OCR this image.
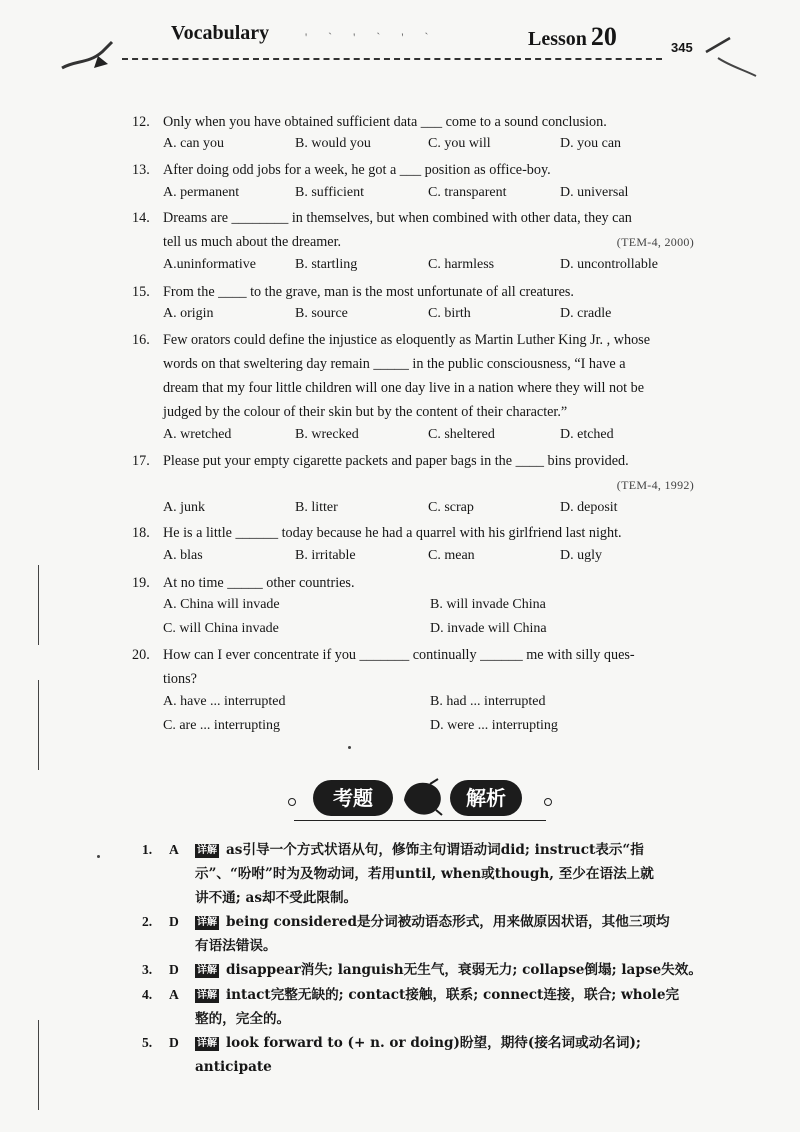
Vocabulary	' ` ' ` ' `	Lesson 20	345
12. Only when you have obtained sufficient data ___ come to a sound conclusion.
A. can you	B. would you	C. you will	D. you can
13. After doing odd jobs for a week, he got a ___ position as office-boy.
A. permanent	B. sufficient	C. transparent	D. universal
14. Dreams are ________ in themselves, but when combined with other data, they can
(TEM-4, 2000)
tell us much about the dreamer.
A.uninformative	B. startling	C. harmless	D. uncontrollable
15. From the ____ to the grave, man is the most unfortunate of all creatures.
A. origin	B. source	C. birth	D. cradle
16. Few orators could define the injustice as eloquently as Martin Luther King Jr. , whose
words on that sweltering day remain _____ in the public consciousness, “I have a
dream that my four little children will one day live in a nation where they will not be
judged by the colour of their skin but by the content of their character.”
A. wretched	B. wrecked	C. sheltered	D. etched
17. Please put your empty cigarette packets and paper bags in the ____ bins provided.
(TEM-4, 1992)

A. junk	B. litter	C. scrap	D. deposit
18. He is a little ______ today because he had a quarrel with his girlfriend last night.
A. blas	B. irritable	C. mean	D. ugly
19. At no time _____ other countries.
A. China will invade	B. will invade China
C. will China invade	D. invade will China
20. How can I ever concentrate if you _______ continually ______ me with silly ques-
tions?
A. have ... interrupted	B. had ... interrupted
C. are ... interrupting	D. were ... interrupting
考题	解析
1. A 详解 as引导一个方式状语从句，修饰主句谓语动词did; instruct表示“指
示”、“吩咐”时为及物动词，若用until, when或though, 至少在语法上就
讲不通; as却不受此限制。
2. D 详解 being considered是分词被动语态形式，用来做原因状语，其他三项均
有语法错误。
3. D 详解 disappear消失; languish无生气，衰弱无力; collapse倒塌; lapse失效。
4. A 详解 intact完整无缺的; contact接触，联系; connect连接，联合; whole完
整的，完全的。
5. D 详解 look forward to (+ n. or doing)盼望，期待(接名词或动名词); anticipate
